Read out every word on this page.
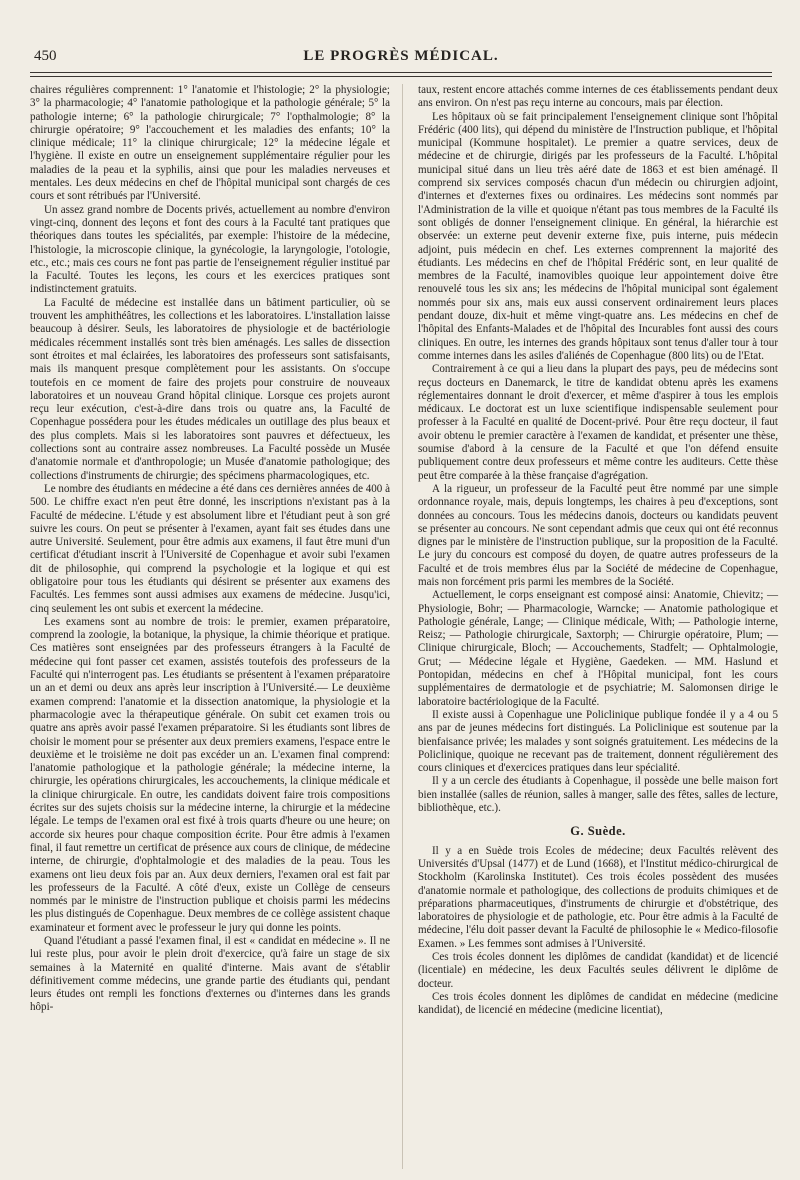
450	LE PROGRÈS MÉDICAL.

chaires régulières comprennent: 1° l'anatomie et l'histologie; 2° la physiologie; 3° la pharmacologie; 4° l'anatomie pathologique et la pathologie générale; 5° la pathologie interne; 6° la pathologie chirurgicale; 7° l'opthalmologie; 8° la chirurgie opératoire; 9° l'accouchement et les maladies des enfants; 10° la clinique médicale; 11° la clinique chirurgicale; 12° la médecine légale et l'hygiène. Il existe en outre un enseignement supplémentaire régulier pour les maladies de la peau et la syphilis, ainsi que pour les maladies nerveuses et mentales. Les deux médecins en chef de l'hôpital municipal sont chargés de ces cours et sont rétribués par l'Université.

Un assez grand nombre de Docents privés, actuellement au nombre d'environ vingt-cinq, donnent des leçons et font des cours à la Faculté tant pratiques que théoriques dans toutes les spécialités, par exemple: l'histoire de la médecine, l'histologie, la microscopie clinique, la gynécologie, la laryngologie, l'otologie, etc., etc.; mais ces cours ne font pas partie de l'enseignement régulier institué par la Faculté. Toutes les leçons, les cours et les exercices pratiques sont indistinctement gratuits.

La Faculté de médecine est installée dans un bâtiment particulier, où se trouvent les amphithéâtres, les collections et les laboratoires. L'installation laisse beaucoup à désirer. Seuls, les laboratoires de physiologie et de bactériologie médicales récemment installés sont très bien aménagés. Les salles de dissection sont étroites et mal éclairées, les laboratoires des professeurs sont satisfaisants, mais ils manquent presque complètement pour les assistants. On s'occupe toutefois en ce moment de faire des projets pour construire de nouveaux laboratoires et un nouveau Grand hôpital clinique. Lorsque ces projets auront reçu leur exécution, c'est-à-dire dans trois ou quatre ans, la Faculté de Copenhague possédera pour les études médicales un outillage des plus beaux et des plus complets. Mais si les laboratoires sont pauvres et défectueux, les collections sont au contraire assez nombreuses. La Faculté possède un Musée d'anatomie normale et d'anthropologie; un Musée d'anatomie pathologique; des collections d'instruments de chirurgie; des spécimens pharmacologiques, etc.

Le nombre des étudiants en médecine a été dans ces dernières années de 400 à 500. Le chiffre exact n'en peut être donné, les inscriptions n'existant pas à la Faculté de médecine. L'étude y est absolument libre et l'étudiant peut à son gré suivre les cours. On peut se présenter à l'examen, ayant fait ses études dans une autre Université. Seulement, pour être admis aux examens, il faut être muni d'un certificat d'étudiant inscrit à l'Université de Copenhague et avoir subi l'examen dit de philosophie, qui comprend la psychologie et la logique et qui est obligatoire pour tous les étudiants qui désirent se présenter aux examens des Facultés. Les femmes sont aussi admises aux examens de médecine. Jusqu'ici, cinq seulement les ont subis et exercent la médecine.

Les examens sont au nombre de trois: le premier, examen préparatoire, comprend la zoologie, la botanique, la physique, la chimie théorique et pratique. Ces matières sont enseignées par des professeurs étrangers à la Faculté de médecine qui font passer cet examen, assistés toutefois des professeurs de la Faculté qui n'interrogent pas. Les étudiants se présentent à l'examen préparatoire un an et demi ou deux ans après leur inscription à l'Université.— Le deuxième examen comprend: l'anatomie et la dissection anatomique, la physiologie et la pharmacologie avec la thérapeutique générale. On subit cet examen trois ou quatre ans après avoir passé l'examen préparatoire. Si les étudiants sont libres de choisir le moment pour se présenter aux deux premiers examens, l'espace entre le deuxième et le troisième ne doit pas excéder un an. L'examen final comprend: l'anatomie pathologique et la pathologie générale; la médecine interne, la chirurgie, les opérations chirurgicales, les accouchements, la clinique médicale et la clinique chirurgicale. En outre, les candidats doivent faire trois compositions écrites sur des sujets choisis sur la médecine interne, la chirurgie et la médecine légale. Le temps de l'examen oral est fixé à trois quarts d'heure ou une heure; on accorde six heures pour chaque composition écrite. Pour être admis à l'examen final, il faut remettre un certificat de présence aux cours de clinique, de médecine interne, de chirurgie, d'ophtalmologie et des maladies de la peau. Tous les examens ont lieu deux fois par an. Aux deux derniers, l'examen oral est fait par les professeurs de la Faculté. A côté d'eux, existe un Collège de censeurs nommés par le ministre de l'instruction publique et choisis parmi les médecins les plus distingués de Copenhague. Deux membres de ce collège assistent chaque examinateur et forment avec le professeur le jury qui donne les points.

Quand l'étudiant a passé l'examen final, il est « candidat en médecine ». Il ne lui reste plus, pour avoir le plein droit d'exercice, qu'à faire un stage de six semaines à la Maternité en qualité d'interne. Mais avant de s'établir définitivement comme médecins, une grande partie des étudiants qui, pendant leurs études ont rempli les fonctions d'externes ou d'internes dans les grands hôpi-

taux, restent encore attachés comme internes de ces établissements pendant deux ans environ. On n'est pas reçu interne au concours, mais par élection.

Les hôpitaux où se fait principalement l'enseignement clinique sont l'hôpital Frédéric (400 lits), qui dépend du ministère de l'Instruction publique, et l'hôpital municipal (Kommune hospitalet). Le premier a quatre services, deux de médecine et de chirurgie, dirigés par les professeurs de la Faculté. L'hôpital municipal situé dans un lieu très aéré date de 1863 et est bien aménagé. Il comprend six services composés chacun d'un médecin ou chirurgien adjoint, d'internes et d'externes fixes ou ordinaires. Les médecins sont nommés par l'Administration de la ville et quoique n'étant pas tous membres de la Faculté ils sont obligés de donner l'enseignement clinique. En général, la hiérarchie est observée: un externe peut devenir externe fixe, puis interne, puis médecin adjoint, puis médecin en chef. Les externes comprennent la majorité des étudiants. Les médecins en chef de l'hôpital Frédéric sont, en leur qualité de membres de la Faculté, inamovibles quoique leur appointement doive être renouvelé tous les six ans; les médecins de l'hôpital municipal sont également nommés pour six ans, mais eux aussi conservent ordinairement leurs places pendant douze, dix-huit et même vingt-quatre ans. Les médecins en chef de l'hôpital des Enfants-Malades et de l'hôpital des Incurables font aussi des cours cliniques. En outre, les internes des grands hôpitaux sont tenus d'aller tour à tour comme internes dans les asiles d'aliénés de Copenhague (800 lits) ou de l'Etat.

Contrairement à ce qui a lieu dans la plupart des pays, peu de médecins sont reçus docteurs en Danemarck, le titre de kandidat obtenu après les examens réglementaires donnant le droit d'exercer, et même d'aspirer à tous les emplois médicaux. Le doctorat est un luxe scientifique indispensable seulement pour professer à la Faculté en qualité de Docent-privé. Pour être reçu docteur, il faut avoir obtenu le premier caractère à l'examen de kandidat, et présenter une thèse, soumise d'abord à la censure de la Faculté et que l'on défend ensuite publiquement contre deux professeurs et même contre les auditeurs. Cette thèse peut être comparée à la thèse française d'agrégation.

A la rigueur, un professeur de la Faculté peut être nommé par une simple ordonnance royale, mais, depuis longtemps, les chaires à peu d'exceptions, sont données au concours. Tous les médecins danois, docteurs ou kandidats peuvent se présenter au concours. Ne sont cependant admis que ceux qui ont été reconnus dignes par le ministère de l'instruction publique, sur la proposition de la Faculté. Le jury du concours est composé du doyen, de quatre autres professeurs de la Faculté et de trois membres élus par la Société de médecine de Copenhague, mais non forcément pris parmi les membres de la Société.

Actuellement, le corps enseignant est composé ainsi: Anatomie, Chievitz; — Physiologie, Bohr; — Pharmacologie, Warncke; — Anatomie pathologique et Pathologie générale, Lange; — Clinique médicale, With; — Pathologie interne, Reisz; — Pathologie chirurgicale, Saxtorph; — Chirurgie opératoire, Plum; — Clinique chirurgicale, Bloch; — Accouchements, Stadfelt; — Ophtalmologie, Grut; — Médecine légale et Hygiène, Gaedeken. — MM. Haslund et Pontopidan, médecins en chef à l'Hôpital municipal, font les cours supplémentaires de dermatologie et de psychiatrie; M. Salomonsen dirige le laboratoire bactériologique de la Faculté.

Il existe aussi à Copenhague une Policlinique publique fondée il y a 4 ou 5 ans par de jeunes médecins fort distingués. La Policlinique est soutenue par la bienfaisance privée; les malades y sont soignés gratuitement. Les médecins de la Policlinique, quoique ne recevant pas de traitement, donnent régulièrement des cours cliniques et d'exercices pratiques dans leur spécialité.

Il y a un cercle des étudiants à Copenhague, il possède une belle maison fort bien installée (salles de réunion, salles à manger, salle des fêtes, salles de lecture, bibliothèque, etc.).

G. Suède.

Il y a en Suède trois Ecoles de médecine; deux Facultés relèvent des Universités d'Upsal (1477) et de Lund (1668), et l'Institut médico-chirurgical de Stockholm (Karolinska Institutet). Ces trois écoles possèdent des musées d'anatomie normale et pathologique, des collections de produits chimiques et de préparations pharmaceutiques, d'instruments de chirurgie et d'obstétrique, des laboratoires de physiologie et de pathologie, etc. Pour être admis à la Faculté de médecine, l'élu doit passer devant la Faculté de philosophie le « Medico-filosofie Examen. » Les femmes sont admises à l'Université.

Ces trois écoles donnent les diplômes de candidat (kandidat) et de licencié (licentiale) en médecine, les deux Facultés seules délivrent le diplôme de docteur.

Ces trois écoles donnent les diplômes de candidat en médecine (medicine kandidat), de licencié en médecine (medicine licentiat),
